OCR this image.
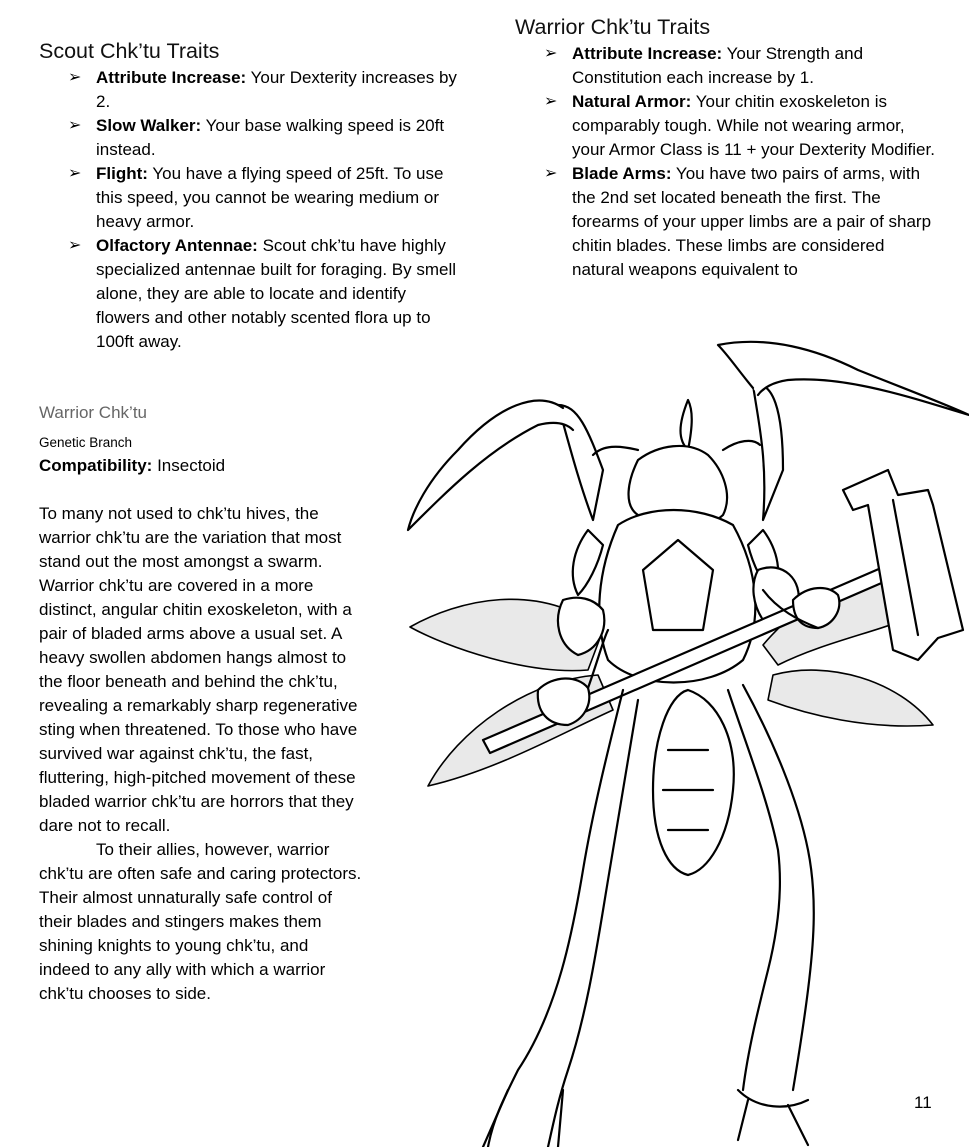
Scout Chk’tu Traits
➢ Attribute Increase: Your Dexterity increases by 2.
➢ Slow Walker: Your base walking speed is 20ft instead.
➢ Flight: You have a flying speed of 25ft. To use this speed, you cannot be wearing medium or heavy armor.
➢ Olfactory Antennae: Scout chk’tu have highly specialized antennae built for foraging. By smell alone, they are able to locate and identify flowers and other notably scented flora up to 100ft away.
Warrior Chk’tu Traits
➢ Attribute Increase: Your Strength and Constitution each increase by 1.
➢ Natural Armor: Your chitin exoskeleton is comparably tough. While not wearing armor, your Armor Class is 11 + your Dexterity Modifier.
➢ Blade Arms: You have two pairs of arms, with the 2nd set located beneath the first. The forearms of your upper limbs are a pair of sharp chitin blades. These limbs are considered natural weapons equivalent to
Warrior Chk’tu
Genetic Branch
Compatibility: Insectoid

To many not used to chk’tu hives, the warrior chk’tu are the variation that most stand out the most amongst a swarm. Warrior chk’tu are covered in a more distinct, angular chitin exoskeleton, with a pair of bladed arms above a usual set. A heavy swollen abdomen hangs almost to the floor beneath and behind the chk’tu, revealing a remarkably sharp regenerative sting when threatened. To those who have survived war against chk’tu, the fast, fluttering, high-pitched movement of these bladed warrior chk’tu are horrors that they dare not to recall.

To their allies, however, warrior chk’tu are often safe and caring protectors. Their almost unnaturally safe control of their blades and stingers makes them shining knights to young chk’tu, and indeed to any ally with which a warrior chk’tu chooses to side.

11
